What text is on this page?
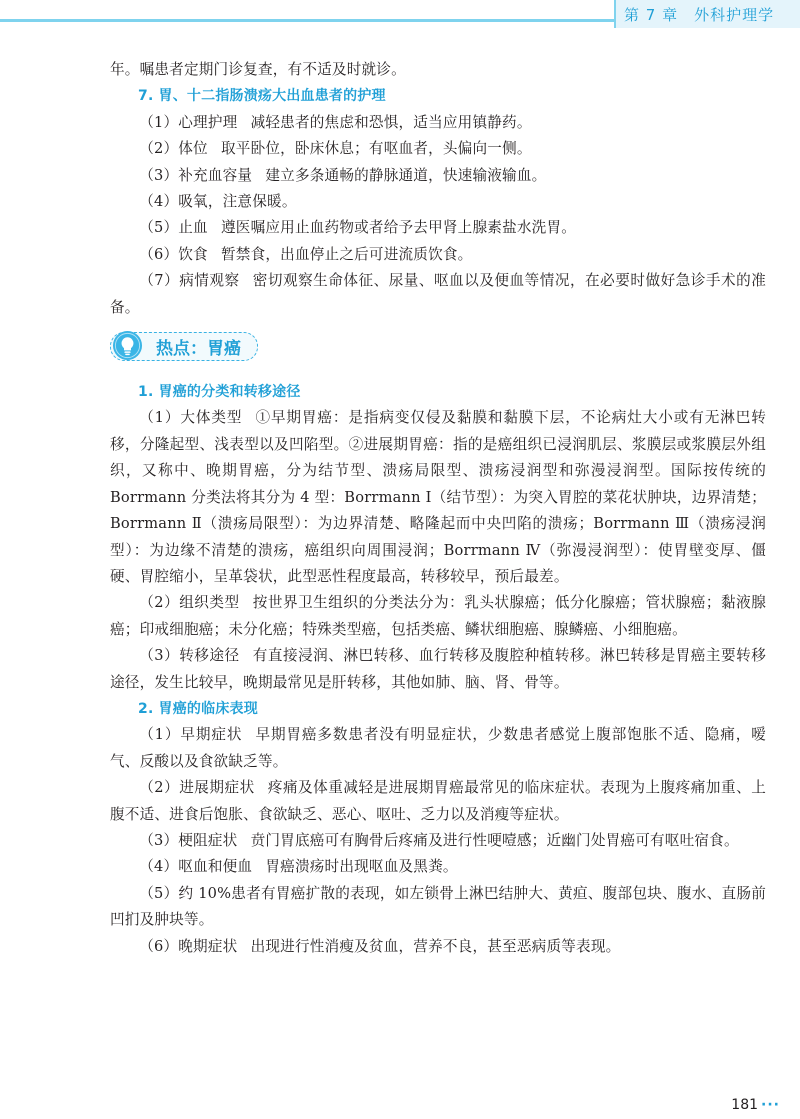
第 7 章　外科护理学

年。嘱患者定期门诊复查，有不适及时就诊。

7. 胃、十二指肠溃疡大出血患者的护理

（1）心理护理 减轻患者的焦虑和恐惧，适当应用镇静药。

（2）体位 取平卧位，卧床休息；有呕血者，头偏向一侧。

（3）补充血容量 建立多条通畅的静脉通道，快速输液输血。

（4）吸氧，注意保暖。

（5）止血 遵医嘱应用止血药物或者给予去甲肾上腺素盐水洗胃。

（6）饮食 暂禁食，出血停止之后可进流质饮食。

（7）病情观察 密切观察生命体征、尿量、呕血以及便血等情况，在必要时做好急诊手术的准备。

热点：胃癌

1. 胃癌的分类和转移途径

（1）大体类型 ①早期胃癌：是指病变仅侵及黏膜和黏膜下层，不论病灶大小或有无淋巴转移，分隆起型、浅表型以及凹陷型。②进展期胃癌：指的是癌组织已浸润肌层、浆膜层或浆膜层外组织，又称中、晚期胃癌，分为结节型、溃疡局限型、溃疡浸润型和弥漫浸润型。国际按传统的 Borrmann 分类法将其分为 4 型：Borrmann Ⅰ（结节型）：为突入胃腔的菜花状肿块，边界清楚；Borrmann Ⅱ（溃疡局限型）：为边界清楚、略隆起而中央凹陷的溃疡；Borrmann Ⅲ（溃疡浸润型）：为边缘不清楚的溃疡，癌组织向周围浸润；Borrmann Ⅳ（弥漫浸润型）：使胃壁变厚、僵硬、胃腔缩小，呈革袋状，此型恶性程度最高，转移较早，预后最差。

（2）组织类型 按世界卫生组织的分类法分为：乳头状腺癌；低分化腺癌；管状腺癌；黏液腺癌；印戒细胞癌；未分化癌；特殊类型癌，包括类癌、鳞状细胞癌、腺鳞癌、小细胞癌。

（3）转移途径 有直接浸润、淋巴转移、血行转移及腹腔种植转移。淋巴转移是胃癌主要转移途径，发生比较早，晚期最常见是肝转移，其他如肺、脑、肾、骨等。

2. 胃癌的临床表现

（1）早期症状 早期胃癌多数患者没有明显症状，少数患者感觉上腹部饱胀不适、隐痛，嗳气、反酸以及食欲缺乏等。

（2）进展期症状 疼痛及体重减轻是进展期胃癌最常见的临床症状。表现为上腹疼痛加重、上腹不适、进食后饱胀、食欲缺乏、恶心、呕吐、乏力以及消瘦等症状。

（3）梗阻症状 贲门胃底癌可有胸骨后疼痛及进行性哽噎感；近幽门处胃癌可有呕吐宿食。

（4）呕血和便血 胃癌溃疡时出现呕血及黑粪。

（5）约 10%患者有胃癌扩散的表现，如左锁骨上淋巴结肿大、黄疸、腹部包块、腹水、直肠前凹扪及肿块等。

（6）晚期症状 出现进行性消瘦及贫血，营养不良，甚至恶病质等表现。

181 ···
